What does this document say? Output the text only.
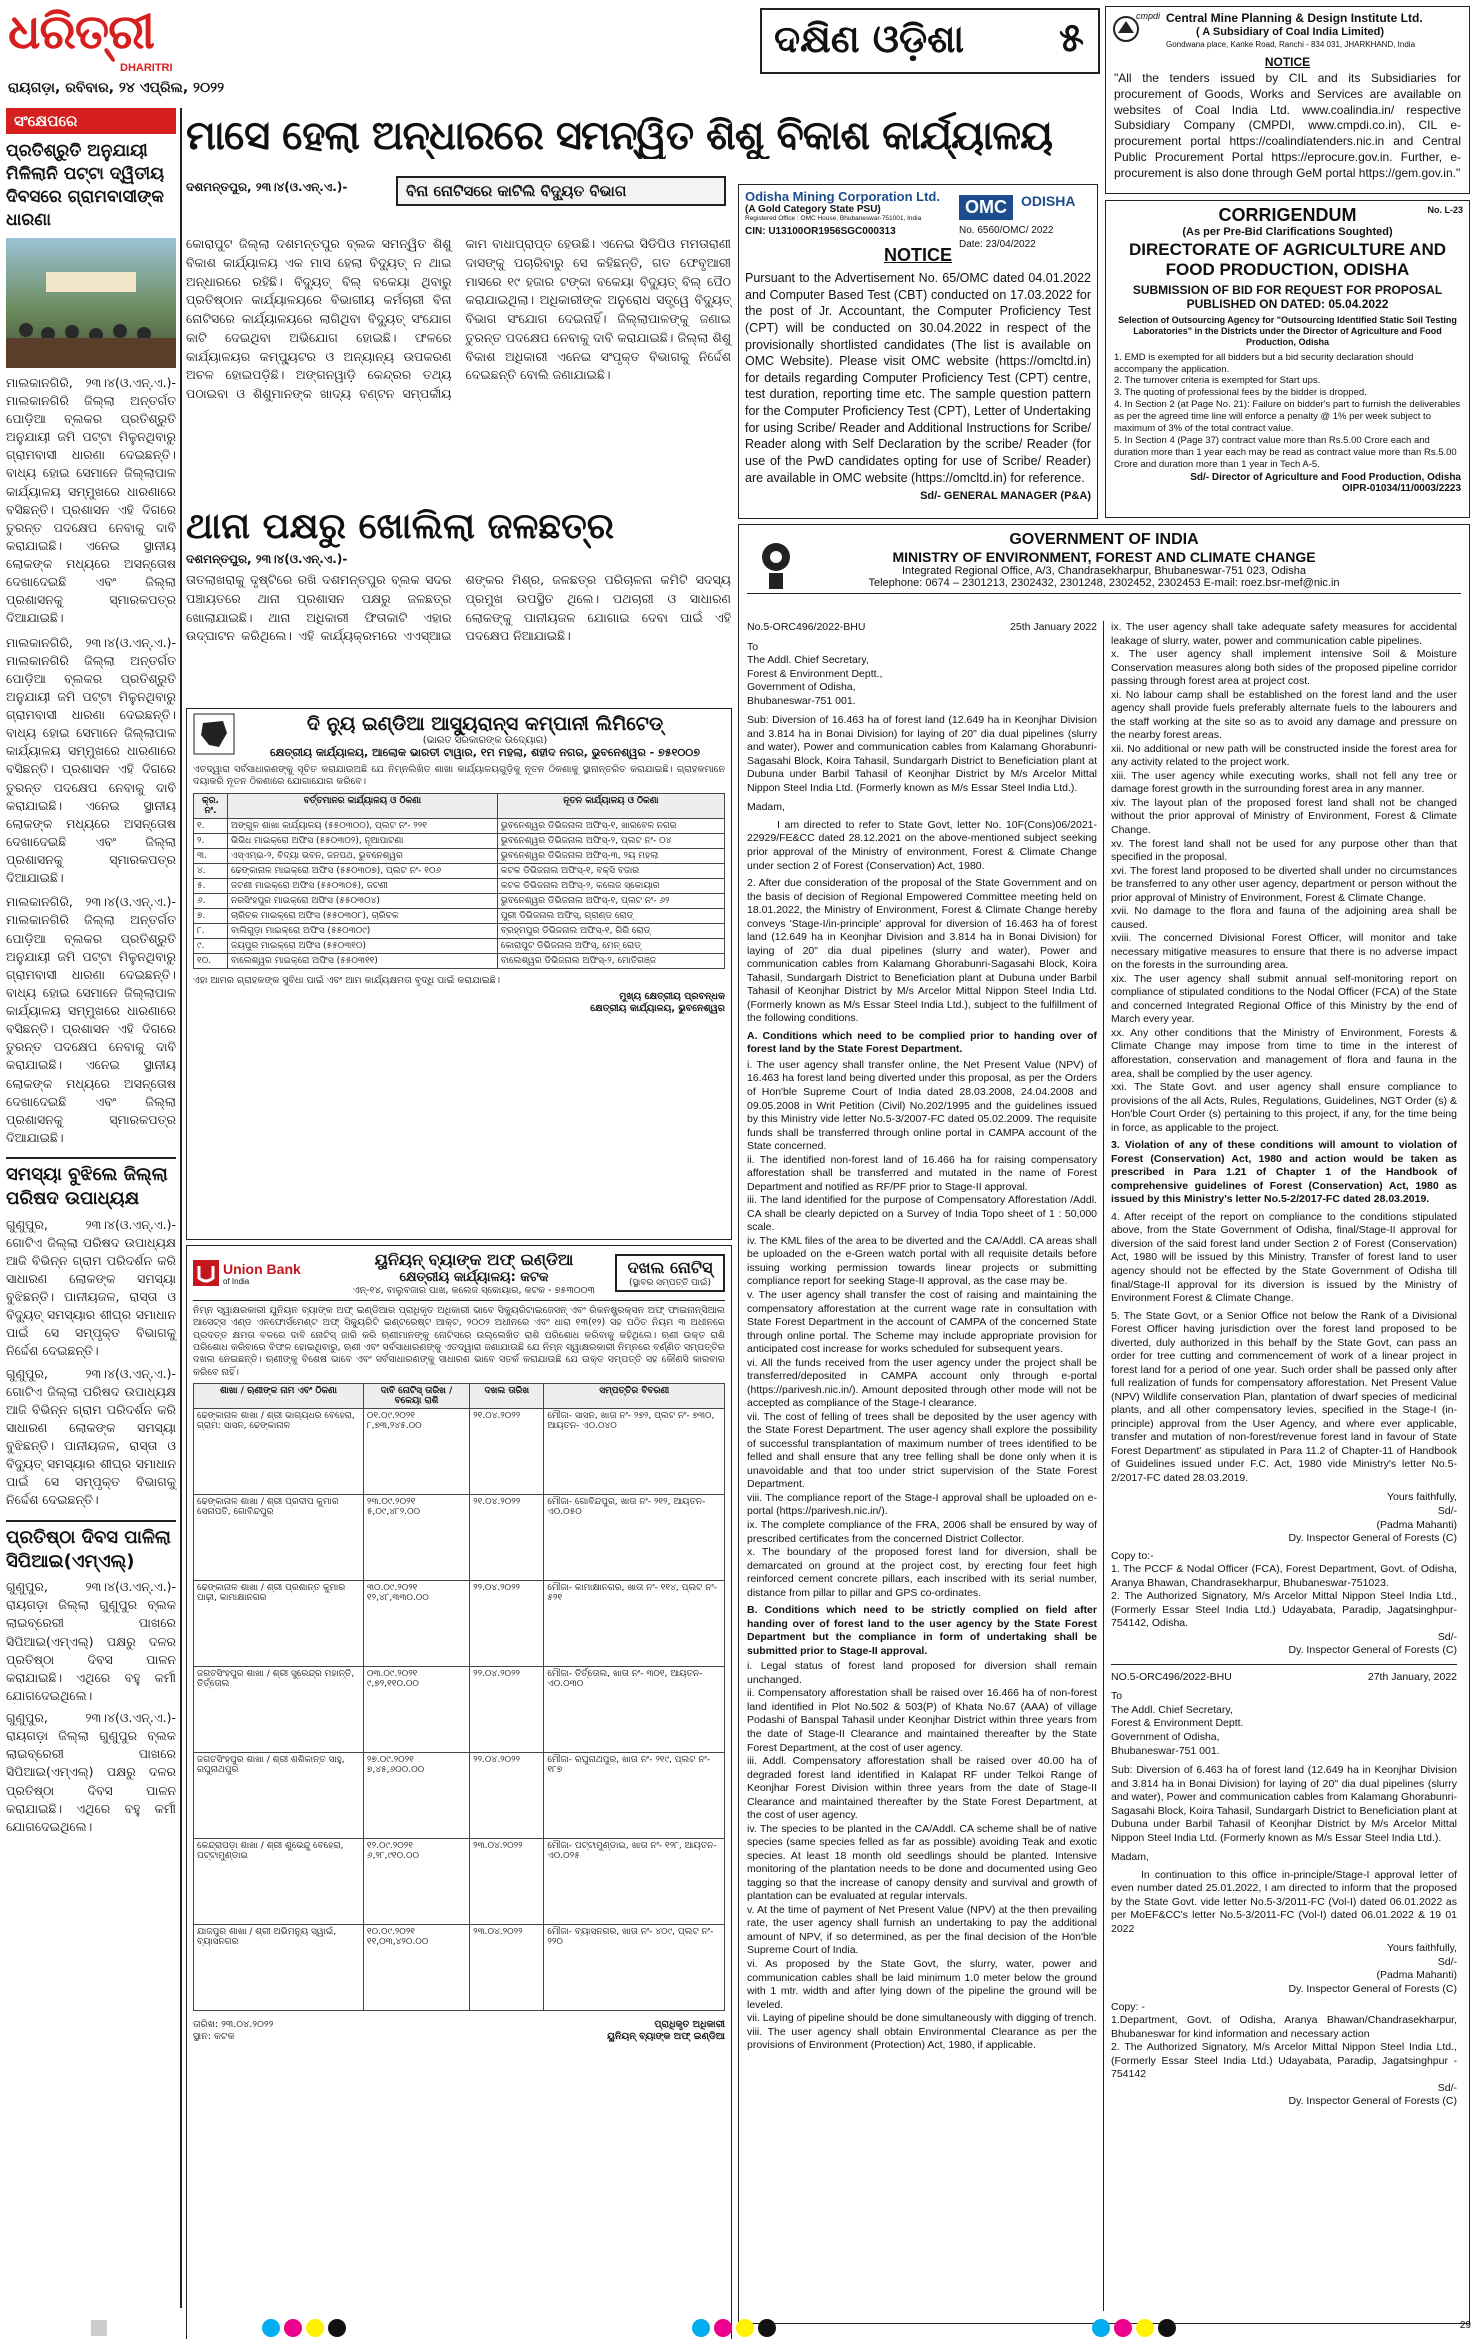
ଧରିତ୍ରୀ
DHARITRI
ରାୟଗଡ଼ା, ରବିବାର, ୨୪ ଏପ୍ରିଲ, ୨୦୨୨
ଦକ୍ଷିଣ ଓଡ଼ିଶା ୫	cmpdi Central Mine Planning & Design Institute Ltd.
( A Subsidiary of Coal India Limited)
Gondwana place, Kanke Road, Ranchi - 834 031, JHARKHAND, India
NOTICE
"All the tenders issued by CIL and its Subsidiaries for procurement of Goods, Works and Services are available on websites of Coal India Ltd. www.coalindia.in/ respective Subsidiary Company (CMPDI, www.cmpdi.co.in), CIL e-procurement portal https://coalindiatenders.nic.in and Central Public Procurement Portal https://eprocure.gov.in. Further, e-procurement is also done through GeM portal https://gem.gov.in."
ସଂକ୍ଷେପରେ
ପ୍ରତିଶ୍ରୁତି ଅନୁଯାୟୀ ମିଳିଲାନି ପଟ୍ଟା ଦ୍ୱିତୀୟ ଦିବସରେ ଗ୍ରାମବାସୀଙ୍କ ଧାରଣା
ମାଲକାନଗିରି, ୨୩।୪(ଓ.ଏନ୍.ଏ.)- ମାଲକାନଗିରି ଜିଲ୍ଲା ଅନ୍ତର୍ଗତ ପୋଡ଼ିଆ ବ୍ଲକର ପ୍ରତିଶ୍ରୁତି ଅନୁଯାୟୀ ଜମି ପଟ୍ଟା ମିଳୁନଥିବାରୁ ଗ୍ରାମବାସୀ ଧାରଣା ଦେଇଛନ୍ତି। ବାଧ୍ୟ ହୋଇ ସେମାନେ ଜିଲ୍ଲାପାଳ କାର୍ଯ୍ୟାଳୟ ସମ୍ମୁଖରେ ଧାରଣାରେ ବସିଛନ୍ତି। ପ୍ରଶାସନ ଏହି ଦିଗରେ ତୁରନ୍ତ ପଦକ୍ଷେପ ନେବାକୁ ଦାବି କରାଯାଇଛି। ଏନେଇ ସ୍ଥାନୀୟ ଲୋକଙ୍କ ମଧ୍ୟରେ ଅସନ୍ତୋଷ ଦେଖାଦେଇଛି ଏବଂ ଜିଲ୍ଲା ପ୍ରଶାସନକୁ ସ୍ମାରକପତ୍ର ଦିଆଯାଇଛି।
ମାଲକାନଗିରି, ୨୩।୪(ଓ.ଏନ୍.ଏ.)- ମାଲକାନଗିରି ଜିଲ୍ଲା ଅନ୍ତର୍ଗତ ପୋଡ଼ିଆ ବ୍ଲକର ପ୍ରତିଶ୍ରୁତି ଅନୁଯାୟୀ ଜମି ପଟ୍ଟା ମିଳୁନଥିବାରୁ ଗ୍ରାମବାସୀ ଧାରଣା ଦେଇଛନ୍ତି। ବାଧ୍ୟ ହୋଇ ସେମାନେ ଜିଲ୍ଲାପାଳ କାର୍ଯ୍ୟାଳୟ ସମ୍ମୁଖରେ ଧାରଣାରେ ବସିଛନ୍ତି। ପ୍ରଶାସନ ଏହି ଦିଗରେ ତୁରନ୍ତ ପଦକ୍ଷେପ ନେବାକୁ ଦାବି କରାଯାଇଛି। ଏନେଇ ସ୍ଥାନୀୟ ଲୋକଙ୍କ ମଧ୍ୟରେ ଅସନ୍ତୋଷ ଦେଖାଦେଇଛି ଏବଂ ଜିଲ୍ଲା ପ୍ରଶାସନକୁ ସ୍ମାରକପତ୍ର ଦିଆଯାଇଛି।
ମାଲକାନଗିରି, ୨୩।୪(ଓ.ଏନ୍.ଏ.)- ମାଲକାନଗିରି ଜିଲ୍ଲା ଅନ୍ତର୍ଗତ ପୋଡ଼ିଆ ବ୍ଲକର ପ୍ରତିଶ୍ରୁତି ଅନୁଯାୟୀ ଜମି ପଟ୍ଟା ମିଳୁନଥିବାରୁ ଗ୍ରାମବାସୀ ଧାରଣା ଦେଇଛନ୍ତି। ବାଧ୍ୟ ହୋଇ ସେମାନେ ଜିଲ୍ଲାପାଳ କାର୍ଯ୍ୟାଳୟ ସମ୍ମୁଖରେ ଧାରଣାରେ ବସିଛନ୍ତି। ପ୍ରଶାସନ ଏହି ଦିଗରେ ତୁରନ୍ତ ପଦକ୍ଷେପ ନେବାକୁ ଦାବି କରାଯାଇଛି। ଏନେଇ ସ୍ଥାନୀୟ ଲୋକଙ୍କ ମଧ୍ୟରେ ଅସନ୍ତୋଷ ଦେଖାଦେଇଛି ଏବଂ ଜିଲ୍ଲା ପ୍ରଶାସନକୁ ସ୍ମାରକପତ୍ର ଦିଆଯାଇଛି।
ସମସ୍ୟା ବୁଝିଲେ ଜିଲ୍ଲା ପରିଷଦ ଉପାଧ୍ୟକ୍ଷ
ଗୁଣୁପୁର, ୨୩।୪(ଓ.ଏନ୍.ଏ.)- ଗୋଟିଏ ଜିଲ୍ଲା ପରିଷଦ ଉପାଧ୍ୟକ୍ଷ ଆଜି ବିଭିନ୍ନ ଗ୍ରାମ ପରିଦର୍ଶନ କରି ସାଧାରଣ ଲୋକଙ୍କ ସମସ୍ୟା ବୁଝିଛନ୍ତି। ପାନୀୟଜଳ, ରାସ୍ତା ଓ ବିଦ୍ୟୁତ୍ ସମସ୍ୟାର ଶୀଘ୍ର ସମାଧାନ ପାଇଁ ସେ ସମ୍ପୃକ୍ତ ବିଭାଗକୁ ନିର୍ଦ୍ଦେଶ ଦେଇଛନ୍ତି।
ଗୁଣୁପୁର, ୨୩।୪(ଓ.ଏନ୍.ଏ.)- ଗୋଟିଏ ଜିଲ୍ଲା ପରିଷଦ ଉପାଧ୍ୟକ୍ଷ ଆଜି ବିଭିନ୍ନ ଗ୍ରାମ ପରିଦର୍ଶନ କରି ସାଧାରଣ ଲୋକଙ୍କ ସମସ୍ୟା ବୁଝିଛନ୍ତି। ପାନୀୟଜଳ, ରାସ୍ତା ଓ ବିଦ୍ୟୁତ୍ ସମସ୍ୟାର ଶୀଘ୍ର ସମାଧାନ ପାଇଁ ସେ ସମ୍ପୃକ୍ତ ବିଭାଗକୁ ନିର୍ଦ୍ଦେଶ ଦେଇଛନ୍ତି।
ପ୍ରତିଷ୍ଠା ଦିବସ ପାଳିଲା ସିପିଆଇ(ଏମ୍‌ଏଲ୍)
ଗୁଣୁପୁର, ୨୩।୪(ଓ.ଏନ୍.ଏ.)-ରାୟଗଡ଼ା ଜିଲ୍ଲା ଗୁଣୁପୁର ବ୍ଲକ ଲାଇବ୍ରେରୀ ପାଖରେ ସିପିଆଇ(ଏମ୍‌ଏଲ୍) ପକ୍ଷରୁ ଦଳର ପ୍ରତିଷ୍ଠା ଦିବସ ପାଳନ କରାଯାଇଛି। ଏଥିରେ ବହୁ କର୍ମୀ ଯୋଗଦେଇଥିଲେ।
ଗୁଣୁପୁର, ୨୩।୪(ଓ.ଏନ୍.ଏ.)-ରାୟଗଡ଼ା ଜିଲ୍ଲା ଗୁଣୁପୁର ବ୍ଲକ ଲାଇବ୍ରେରୀ ପାଖରେ ସିପିଆଇ(ଏମ୍‌ଏଲ୍) ପକ୍ଷରୁ ଦଳର ପ୍ରତିଷ୍ଠା ଦିବସ ପାଳନ କରାଯାଇଛି। ଏଥିରେ ବହୁ କର୍ମୀ ଯୋଗଦେଇଥିଲେ।
ମାସେ ହେଲା ଅନ୍ଧାରରେ ସମନ୍ୱିତ ଶିଶୁ ବିକାଶ କାର୍ଯ୍ୟାଳୟ
ଦଶମନ୍ତପୁର, ୨୩।୪(ଓ.ଏନ୍.ଏ.)-	ବିନା ନୋଟିସରେ କାଟିଲି ବିଦ୍ୟୁତ ବିଭାଗ
କୋରାପୁଟ ଜିଲ୍ଲା ଦଶମନ୍ତପୁର ବ୍ଲକ ସମନ୍ୱିତ ଶିଶୁ ବିକାଶ କାର୍ଯ୍ୟାଳୟ ଏକ ମାସ ହେଲା ବିଦ୍ୟୁତ୍ ନ ଥାଇ ଅନ୍ଧାରରେ ରହିଛି। ବିଦ୍ୟୁତ୍ ବିଲ୍ ବକେୟା ଥିବାରୁ ପ୍ରତିଷ୍ଠାନ କାର୍ଯ୍ୟାଳୟରେ ବିଭାଗୀୟ କର୍ମଚାରୀ ବିନା ନୋଟିସରେ କାର୍ଯ୍ୟାଳୟରେ ଲାଗିଥିବା ବିଦ୍ୟୁତ୍ ସଂଯୋଗ କାଟି ଦେଇଥିବା ଅଭିଯୋଗ ହୋଇଛି। ଫଳରେ କାର୍ଯ୍ୟାଳୟର କମ୍ପ୍ୟୁଟର ଓ ଅନ୍ୟାନ୍ୟ ଉପକରଣ ଅଚଳ ହୋଇପଡ଼ିଛି। ଅଙ୍ଗନୱାଡ଼ି କେନ୍ଦ୍ରର ତଥ୍ୟ ପଠାଇବା ଓ ଶିଶୁମାନଙ୍କ ଖାଦ୍ୟ ବଣ୍ଟନ ସମ୍ପର୍କୀୟ କାମ ବାଧାପ୍ରାପ୍ତ ହେଉଛି। ଏନେଇ ସିଡିପିଓ ମମତାରାଣୀ ଦାସଙ୍କୁ ପଚାରିବାରୁ ସେ କହିଛନ୍ତି, ଗତ ଫେବୃଆରୀ ମାସରେ ୧୯ ହଜାର ଟଙ୍କା ବକେୟା ବିଦ୍ୟୁତ୍ ବିଲ୍ ପୈଠ କରାଯାଇଥିଲା। ଅଧିକାରୀଙ୍କ ଅନୁରୋଧ ସତ୍ତ୍ୱେ ବିଦ୍ୟୁତ୍ ବିଭାଗ ସଂଯୋଗ ଦେଇନାହିଁ। ଜିଲ୍ଲାପାଳଙ୍କୁ ଜଣାଇ ତୁରନ୍ତ ପଦକ୍ଷେପ ନେବାକୁ ଦାବି କରାଯାଇଛି। ଜିଲ୍ଲା ଶିଶୁ ବିକାଶ ଅଧିକାରୀ ଏନେଇ ସଂପୃକ୍ତ ବିଭାଗକୁ ନିର୍ଦ୍ଦେଶ ଦେଇଛନ୍ତି ବୋଲି ଜଣାଯାଇଛି।
ଥାନା ପକ୍ଷରୁ ଖୋଲିଲା ଜଳଛତ୍ର
ଦଶମନ୍ତପୁର, ୨୩।୪(ଓ.ଏନ୍.ଏ.)-
ତାତଲାଖରାକୁ ଦୃଷ୍ଟିରେ ରଖି ଦଶମନ୍ତପୁର ବ୍ଲକ ସଦର ପଞ୍ଚାୟତରେ ଥାନା ପ୍ରଶାସନ ପକ୍ଷରୁ ଜଳଛତ୍ର ଖୋଲାଯାଇଛି। ଥାନା ଅଧିକାରୀ ଫିତାକାଟି ଏହାର ଉଦ୍‌ଘାଟନ କରିଥିଲେ। ଏହି କାର୍ଯ୍ୟକ୍ରମରେ ଏଏସ୍‌ଆଇ ଶଙ୍କର ମିଶ୍ର, ଜଳଛତ୍ର ପରିଚାଳନା କମିଟି ସଦସ୍ୟ ପ୍ରମୁଖ ଉପସ୍ଥିତ ଥିଲେ। ପଥଚାରୀ ଓ ସାଧାରଣ ଲୋକଙ୍କୁ ପାନୀୟଜଳ ଯୋଗାଇ ଦେବା ପାଇଁ ଏହି ପଦକ୍ଷେପ ନିଆଯାଇଛି।
Odisha Mining Corporation Ltd.
(A Gold Category State PSU)
Registered Office : OMC House, Bhubaneswar-751001, India
CIN: U13100OR1956SGC000313
OMC	ODISHA
No. 6560/OMC/ 2022
Date: 23/04/2022
NOTICE
Pursuant to the Advertisement No. 65/OMC dated 04.01.2022 and Computer Based Test (CBT) conducted on 17.03.2022 for the post of Jr. Accountant, the Computer Proficiency Test (CPT) will be conducted on 30.04.2022 in respect of the provisionally shortlisted candidates (The list is available on OMC Website). Please visit OMC website (https://omcltd.in) for details regarding Computer Proficiency Test (CPT) centre, test duration, reporting time etc. The sample question pattern for the Computer Proficiency Test (CPT), Letter of Undertaking for using Scribe/ Reader and Additional Instructions for Scribe/ Reader along with Self Declaration by the scribe/ Reader (for use of the PwD candidates opting for use of Scribe/ Reader) are available in OMC website (https://omcltd.in) for reference.
Sd/- GENERAL MANAGER (P&A)
CORRIGENDUM	No. L-23
(As per Pre-Bid Clarifications Soughted)
DIRECTORATE OF AGRICULTURE AND FOOD PRODUCTION, ODISHA
SUBMISSION OF BID FOR REQUEST FOR PROPOSAL PUBLISHED ON DATED: 05.04.2022
Selection of Outsourcing Agency for "Outsourcing Identified Static Soil Testing Laboratories" in the Districts under the Director of Agriculture and Food Production, Odisha
1. EMD is exempted for all bidders but a bid security declaration should accompany the application.
2. The turnover criteria is exempted for Start ups.
3. The quoting of professional fees by the bidder is dropped.
4. In Section 2 (at Page No. 21): Failure on bidder's part to furnish the deliverables as per the agreed time line will enforce a penalty @ 1% per week subject to maximum of 3% of the total contract value.
5. In Section 4 (Page 37) contract value more than Rs.5.00 Crore each and duration more than 1 year each may be read as contract value more than Rs.5.00 Crore and duration more than 1 year in Tech A-5.
Sd/- Director of Agriculture and Food Production, Odisha
OIPR-01034/11/0003/2223
ଦି ନ୍ୟୁ ଇଣ୍ଡିଆ ଆସ୍ୟୁରାନ୍ସ କମ୍ପାନୀ ଲିମିଟେଡ୍
(ଭାରତ ସରକାରଙ୍କ ଉଦ୍ୟୋଗ)
କ୍ଷେତ୍ରୀୟ କାର୍ଯ୍ୟାଳୟ, ଆଲୋକ ଭାରତୀ ଟାୱାର, ୧ମ ମହଲା, ଶହୀଦ ନଗର, ଭୁବନେଶ୍ୱର - ୭୫୧୦୦୭
ଏତଦ୍ୱାରା ସର୍ବସାଧାରଣଙ୍କୁ ସୂଚିତ କରାଯାଉଅଛି ଯେ ନିମ୍ନଲିଖିତ ଶାଖା କାର୍ଯ୍ୟାଳୟଗୁଡ଼ିକୁ ନୂତନ ଠିକଣାକୁ ସ୍ଥାନାନ୍ତରିତ କରାଯାଇଛି। ଗ୍ରାହକମାନେ ଦୟାକରି ନୂତନ ଠିକଣାରେ ଯୋଗାଯୋଗ କରିବେ।
କ୍ର. ନଂ.	ବର୍ତ୍ତମାନର କାର୍ଯ୍ୟାଳୟ ଓ ଠିକଣା	ନୂତନ କାର୍ଯ୍ୟାଳୟ ଓ ଠିକଣା
୧.	ଅଙ୍ଗୁଳ ଶାଖା କାର୍ଯ୍ୟାଳୟ (୫୫୦୩୦୦), ପ୍ଲଟ ନଂ- ୨୨୧	ଭୁବନେଶ୍ୱର ଡିଭିଜନାଲ ଅଫିସ୍-୧, ଖାରବେଳ ନଗର
୨.	ଭିଭିଧ ମାଇକ୍ରୋ ଅଫିସ (୫୫୦୩୦୨), ନୂଆପାଟଣା	ଭୁବନେଶ୍ୱର ଡିଭିଜନାଲ ଅଫିସ୍-୨, ପ୍ଲଟ ନଂ- ୦୪
୩.	ଏସ୍‌ଏମ୍‌ଇ-୨, ବିଦ୍ୟା ଭବନ, ଜନପଥ, ଭୁବନେଶ୍ୱର	ଭୁବନେଶ୍ୱର ଡିଭିଜନାଲ ଅଫିସ୍-୩, ୨ୟ ମହଲା
୪.	ଢେଙ୍କାନାଳ ମାଇକ୍ରୋ ଅଫିସ (୫୫୦୩୦୭), ପ୍ଲଟ ନଂ- ୧୦୬	କଟକ ଡିଭିଜନାଲ ଅଫିସ୍-୧, ବକ୍ସି ବଜାର
୫.	ଜଟଣୀ ମାଇକ୍ରୋ ଅଫିସ (୫୫୦୩୦୫), ଜଟଣୀ	କଟକ ଡିଭିଜନାଲ ଅଫିସ୍-୨, କଲେଜ ସ୍କୋୟାର
୬.	ନରସିଂହପୁର ମାଇକ୍ରୋ ଅଫିସ (୫୫୦୩୦୪)	ଭୁବନେଶ୍ୱର ଡିଭିଜନାଲ ଅଫିସ୍-୧, ପ୍ଲଟ ନଂ- ୬୨
୭.	ଚାରିଚକ ମାଇକ୍ରୋ ଅଫିସ (୫୫୦୩୦୮), ଚାରିଚକ	ପୁରୀ ଡିଭିଜନାଲ ଅଫିସ୍, ଗ୍ରାଣ୍ଡ ରୋଡ୍
୮.	ବାଲିଗୁଡ଼ା ମାଇକ୍ରୋ ଅଫିସ (୫୫୦୩୦୯)	ବ୍ରହ୍ମପୁର ଡିଭିଜନାଲ ଅଫିସ୍-୧, ଗିରି ରୋଡ୍
୯.	ଜୟପୁର ମାଇକ୍ରୋ ଅଫିସ (୫୫୦୩୧୦)	କୋରାପୁଟ ଡିଭିଜନାଲ ଅଫିସ୍, ମେନ୍ ରୋଡ୍
୧୦.	ବାଲେଶ୍ୱର ମାଇକ୍ରୋ ଅଫିସ (୫୫୦୩୧୧)	ବାଲେଶ୍ୱର ଡିଭିଜନାଲ ଅଫିସ୍-୨, ମୋତିଗଞ୍ଜ
ଏହା ଆମର ଗ୍ରାହକଙ୍କ ସୁବିଧା ପାଇଁ ଏବଂ ଆମ କାର୍ଯ୍ୟକ୍ଷମତା ବୃଦ୍ଧି ପାଇଁ କରାଯାଇଛି।
ମୁଖ୍ୟ କ୍ଷେତ୍ରୀୟ ପ୍ରବନ୍ଧକ
କ୍ଷେତ୍ରୀୟ କାର୍ଯ୍ୟାଳୟ, ଭୁବନେଶ୍ୱର
Union Bank
of India
ୟୁନିୟନ୍ ବ୍ୟାଙ୍କ ଅଫ୍ ଇଣ୍ଡିଆ
କ୍ଷେତ୍ରୀୟ କାର୍ଯ୍ୟାଳୟ: କଟକ
ଏନ୍‌-୧୪, ବାଲୁବଜାର ପାଖ, କଲେଜ ସ୍କୋୟାର, କଟକ - ୭୫୩୦୦୩
ଦଖଲ ନୋଟିସ୍
(ସ୍ଥାବର ସମ୍ପତ୍ତି ପାଇଁ)
ନିମ୍ନ ସ୍ୱାକ୍ଷରକାରୀ ଯୁନିୟନ ବ୍ୟାଙ୍କ ଅଫ୍ ଇଣ୍ଡିଆର ପ୍ରାଧିକୃତ ଅଧିକାରୀ ଭାବେ ସିକ୍ୟୁରିଟାଇଜେସନ୍ ଏବଂ ରିକନଷ୍ଟ୍ରକ୍ସନ ଅଫ୍ ଫାଇନାନ୍ସିଆଲ ଆସେଟ୍ସ ଏଣ୍ଡ ଏନଫୋର୍ସମେଣ୍ଟ ଅଫ୍ ସିକ୍ୟୁରିଟି ଇଣ୍ଟରେଷ୍ଟ ଆକ୍ଟ, ୨୦୦୨ ଅଧୀନରେ ଏବଂ ଧାରା ୧୩(୧୨) ସହ ପଠିତ ନିୟମ ୩ ଅଧୀନରେ ପ୍ରଦତ୍ତ କ୍ଷମତା ବଳରେ ଦାବି ନୋଟିସ୍ ଜାରି କରି ଋଣୀମାନଙ୍କୁ ନୋଟିସରେ ଉଲ୍ଲେଖିତ ରାଶି ପରିଶୋଧ କରିବାକୁ କହିଥିଲେ। ଋଣୀ ଉକ୍ତ ରାଶି ପରିଶୋଧ କରିବାରେ ବିଫଳ ହୋଇଥିବାରୁ, ଋଣୀ ଏବଂ ସର୍ବସାଧାରଣଙ୍କୁ ଏତଦ୍ୱାରା ଜଣାଯାଉଛି ଯେ ନିମ୍ନ ସ୍ୱାକ୍ଷରକାରୀ ନିମ୍ନରେ ବର୍ଣ୍ଣିତ ସମ୍ପତ୍ତିର ଦଖଲ ନେଇଛନ୍ତି। ଋଣୀଙ୍କୁ ବିଶେଷ ଭାବେ ଏବଂ ସର୍ବସାଧାରଣଙ୍କୁ ସାଧାରଣ ଭାବେ ସତର୍କ କରାଯାଉଛି ଯେ ଉକ୍ତ ସମ୍ପତ୍ତି ସହ କୌଣସି କାରବାର କରିବେ ନାହିଁ।
ଶାଖା / ଋଣୀଙ୍କ ନାମ ଏବଂ ଠିକଣା	ଦାବି ନୋଟିସ୍ ତାରିଖ / ବକେୟା ରାଶି	ଦଖଲ ତାରିଖ	ସମ୍ପତ୍ତିର ବିବରଣୀ
ଢେଙ୍କାନାଳ ଶାଖା / ଶ୍ରୀ ଭାଗ୍ୟଧର ବେହେରା, ଗ୍ରାମ: ସାସନ, ଢେଙ୍କାନାଳ	୦୧.୦୯.୨୦୨୧
୮,୭୩,୨୪୫.୦୦	୨୧.୦୪.୨୦୨୨	ମୌଜା- ସାସନ, ଖାତା ନଂ- ୨୭୨, ପ୍ଲଟ ନଂ- ୭୩୦, ଆୟତନ- ଏ୦.୦୪୦
ଢେଙ୍କାନାଳ ଶାଖା / ଶ୍ରୀ ପ୍ରଦୀପ କୁମାର ସେନାପତି, ଗୋବିନ୍ଦପୁର	୨୩.୦୯.୨୦୨୧
୫,୦୯,୪୮୨.୦୦	୨୧.୦୪.୨୦୨୨	ମୌଜା- ଗୋବିନ୍ଦପୁର, ଖାତା ନଂ- ୨୧୨, ଆୟତନ- ଏ୦.୦୫୦
ଢେଙ୍କାନାଳ ଶାଖା / ଶ୍ରୀ ପ୍ରଶାନ୍ତ କୁମାର ପାଢ଼ୀ, କାମାକ୍ଷାନଗର	୩୦.୦୯.୨୦୨୧
୧୨,୪୮,୩୩୦.୦୦	୨୨.୦୪.୨୦୨୨	ମୌଜା- କାମାକ୍ଷାନଗର, ଖାତା ନଂ- ୧୧୪, ପ୍ଲଟ ନଂ- ୫୨୧
ଜଗତସିଂହପୁର ଶାଖା / ଶ୍ରୀ ସୁରେନ୍ଦ୍ର ମହାନ୍ତି, ତିର୍ତ୍ତୋଲ	୦୩.୦୯.୨୦୨୧
୯,୭୨,୧୧୦.୦୦	୨୨.୦୪.୨୦୨୨	ମୌଜା- ତିର୍ତ୍ତୋଲ, ଖାତା ନଂ- ୩୦୧, ଆୟତନ- ଏ୦.୦୩୦
ଜଗତସିଂହପୁର ଶାଖା / ଶ୍ରୀ ଶଶିକାନ୍ତ ସାହୁ, ରଘୁନାଥପୁର	୨୭.୦୯.୨୦୨୧
୭,୪୫,୬୦୦.୦୦	୨୨.୦୪.୨୦୨୨	ମୌଜା- ରଘୁନାଥପୁର, ଖାତା ନଂ- ୨୧୯, ପ୍ଲଟ ନଂ- ୧୮୭
କେନ୍ଦ୍ରାପଡ଼ା ଶାଖା / ଶ୍ରୀ ଶୁଭେନ୍ଦୁ ବେହେରା, ପଟ୍ଟାମୁଣ୍ଡାଇ	୧୨.୦୯.୨୦୨୧
୬,୨୮,୯୧୦.୦୦	୨୩.୦୪.୨୦୨୨	ମୌଜା- ପଟ୍ଟାମୁଣ୍ଡାଇ, ଖାତା ନଂ- ୧୨୮, ଆୟତନ- ଏ୦.୦୨୫
ଯାଜପୁର ଶାଖା / ଶ୍ରୀ ଅଭିମନ୍ୟୁ ସ୍ୱାଇଁ, ବ୍ୟାସନଗର	୧୦.୦୯.୨୦୨୧
୧୧,୦୩,୪୨୦.୦୦	୨୩.୦୪.୨୦୨୨	ମୌଜା- ବ୍ୟାସନଗର, ଖାତା ନଂ- ୪୦୯, ପ୍ଲଟ ନଂ- ୨୨୦
ତାରିଖ: ୨୩.୦୪.୨୦୨୨
ସ୍ଥାନ: କଟକ
ପ୍ରାଧିକୃତ ଅଧିକାରୀ
ୟୁନିୟନ୍ ବ୍ୟାଙ୍କ ଅଫ୍ ଇଣ୍ଡିଆ
GOVERNMENT OF INDIA
MINISTRY OF ENVIRONMENT, FOREST AND CLIMATE CHANGE
Integrated Regional Office, A/3, Chandrasekharpur, Bhubaneswar-751 023, Odisha
Telephone: 0674 – 2301213, 2302432, 2301248, 2302452, 2302453 E-mail: roez.bsr-mef@nic.in
No.5-ORC496/2022-BHU	25th January 2022
To
The Addl. Chief Secretary,
Forest & Environment Deptt.,
Government of Odisha,
Bhubaneswar-751 001.
Sub: Diversion of 16.463 ha of forest land (12.649 ha in Keonjhar Division and 3.814 ha in Bonai Division) for laying of 20" dia dual pipelines (slurry and water), Power and communication cables from Kalamang Ghorabunri-Sagasahi Block, Koira Tahasil, Sundargarh District to Beneficiation plant at Dubuna under Barbil Tahasil of Keonjhar District by M/s Arcelor Mittal Nippon Steel India Ltd. (Formerly known as M/s Essar Steel India Ltd.).
Madam,
I am directed to refer to State Govt, letter No. 10F(Cons)06/2021-22929/FE&CC dated 28.12.2021 on the above-mentioned subject seeking prior approval of the Ministry of environment, Forest & Climate Change under section 2 of Forest (Conservation) Act, 1980.
2. After due consideration of the proposal of the State Government and on the basis of decision of Regional Empowered Committee meeting held on 18.01.2022, the Ministry of Environment, Forest & Climate Change hereby conveys 'Stage-I/in-principle' approval for diversion of 16.463 ha of forest land (12.649 ha in Keonjhar Division and 3.814 ha in Bonai Division) for laying of 20" dia dual pipelines (slurry and water), Power and communication cables from Kalamang Ghorabunri-Sagasahi Block, Koira Tahasil, Sundargarh District to Beneficiation plant at Dubuna under Barbil Tahasil of Keonjhar District by M/s Arcelor Mittal Nippon Steel India Ltd. (Formerly known as M/s Essar Steel India Ltd.), subject to the fulfillment of the following conditions.
A. Conditions which need to be complied prior to handing over of forest land by the State Forest Department.
i. The user agency shall transfer online, the Net Present Value (NPV) of 16.463 ha forest land being diverted under this proposal, as per the Orders of Hon'ble Supreme Court of India dated 28.03.2008, 24.04.2008 and 09.05.2008 in Writ Petition (Civil) No.202/1995 and the guidelines issued by this Ministry vide letter No.5-3/2007-FC dated 05.02.2009. The requisite funds shall be transferred through online portal in CAMPA account of the State concerned.
ii. The identified non-forest land of 16.466 ha for raising compensatory afforestation shall be transferred and mutated in the name of Forest Department and notified as RF/PF prior to Stage-II approval.
iii. The land identified for the purpose of Compensatory Afforestation /Addl. CA shall be clearly depicted on a Survey of India Topo sheet of 1 : 50,000 scale.
iv. The KML files of the area to be diverted and the CA/Addl. CA areas shall be uploaded on the e-Green watch portal with all requisite details before issuing working permission towards linear projects or submitting compliance report for seeking Stage-II approval, as the case may be.
v. The user agency shall transfer the cost of raising and maintaining the compensatory afforestation at the current wage rate in consultation with State Forest Department in the account of CAMPA of the concerned State through online portal. The Scheme may include appropriate provision for anticipated cost increase for works scheduled for subsequent years.
vi. All the funds received from the user agency under the project shall be transferred/deposited in CAMPA account only through e-portal (https://parivesh.nic.in/). Amount deposited through other mode will not be accepted as compliance of the Stage-I clearance.
vii. The cost of felling of trees shall be deposited by the user agency with the State Forest Department. The user agency shall explore the possibility of successful transplantation of maximum number of trees identified to be felled and shall ensure that any tree felling shall be done only when it is unavoidable and that too under strict supervision of the State Forest Department.
viii. The compliance report of the Stage-I approval shall be uploaded on e-portal (https://parivesh.nic.in/).
ix. The complete compliance of the FRA, 2006 shall be ensured by way of prescribed certificates from the concerned District Collector.
x. The boundary of the proposed forest land for diversion, shall be demarcated on ground at the project cost, by erecting four feet high reinforced cement concrete pillars, each inscribed with its serial number, distance from pillar to pillar and GPS co-ordinates.
B. Conditions which need to be strictly complied on field after handing over of forest land to the user agency by the State Forest Department but the compliance in form of undertaking shall be submitted prior to Stage-II approval.
i. Legal status of forest land proposed for diversion shall remain unchanged.
ii. Compensatory afforestation shall be raised over 16.466 ha of non-forest land identified in Plot No.502 & 503(P) of Khata No.67 (AAA) of village Podashi of Banspal Tahasil under Keonjhar District within three years from the date of Stage-II Clearance and maintained thereafter by the State Forest Department, at the cost of user agency.
iii. Addl. Compensatory afforestation shall be raised over 40.00 ha of degraded forest land identified in Kalapat RF under Telkoi Range of Keonjhar Forest Division within three years from the date of Stage-II Clearance and maintained thereafter by the State Forest Department, at the cost of user agency.
iv. The species to be planted in the CA/Addl. CA scheme shall be of native species (same species felled as far as possible) avoiding Teak and exotic species. At least 18 month old seedlings should be planted. Intensive monitoring of the plantation needs to be done and documented using Geo tagging so that the increase of canopy density and survival and growth of plantation can be evaluated at regular intervals.
v. At the time of payment of Net Present Value (NPV) at the then prevailing rate, the user agency shall furnish an undertaking to pay the additional amount of NPV, if so determined, as per the final decision of the Hon'ble Supreme Court of India.
vi. As proposed by the State Govt, the slurry, water, power and communication cables shall be laid minimum 1.0 meter below the ground with 1 mtr. width and after lying down of the pipeline the ground will be leveled.
vii. Laying of pipeline should be done simultaneously with digging of trench.
viii. The user agency shall obtain Environmental Clearance as per the provisions of Environment (Protection) Act, 1980, if applicable.
ix. The user agency shall take adequate safety measures for accidental leakage of slurry, water, power and communication cable pipelines.
x. The user agency shall implement intensive Soil & Moisture Conservation measures along both sides of the proposed pipeline corridor passing through forest area at project cost.
xi. No labour camp shall be established on the forest land and the user agency shall provide fuels preferably alternate fuels to the labourers and the staff working at the site so as to avoid any damage and pressure on the nearby forest areas.
xii. No additional or new path will be constructed inside the forest area for any activity related to the project work.
xiii. The user agency while executing works, shall not fell any tree or damage forest growth in the surrounding forest area in any manner.
xiv. The layout plan of the proposed forest land shall not be changed without the prior approval of Ministry of Environment, Forest & Climate Change.
xv. The forest land shall not be used for any purpose other than that specified in the proposal.
xvi. The forest land proposed to be diverted shall under no circumstances be transferred to any other user agency, department or person without the prior approval of Ministry of Environment, Forest & Climate Change.
xvii. No damage to the flora and fauna of the adjoining area shall be caused.
xviii. The concerned Divisional Forest Officer, will monitor and take necessary mitigative measures to ensure that there is no adverse impact on the forests in the surrounding area.
xix. The user agency shall submit annual self-monitoring report on compliance of stipulated conditions to the Nodal Officer (FCA) of the State and concerned Integrated Regional Office of this Ministry by the end of March every year.
xx. Any other conditions that the Ministry of Environment, Forests & Climate Change may impose from time to time in the interest of afforestation, conservation and management of flora and fauna in the area, shall be complied by the user agency.
xxi. The State Govt. and user agency shall ensure compliance to provisions of the all Acts, Rules, Regulations, Guidelines, NGT Order (s) & Hon'ble Court Order (s) pertaining to this project, if any, for the time being in force, as applicable to the project.
3. Violation of any of these conditions will amount to violation of Forest (Conservation) Act, 1980 and action would be taken as prescribed in Para 1.21 of Chapter 1 of the Handbook of comprehensive guidelines of Forest (Conservation) Act, 1980 as issued by this Ministry's letter No.5-2/2017-FC dated 28.03.2019.
4. After receipt of the report on compliance to the conditions stipulated above, from the State Government of Odisha, final/Stage-II approval for diversion of the said forest land under Section 2 of Forest (Conservation) Act, 1980 will be issued by this Ministry. Transfer of forest land to user agency should not be effected by the State Government of Odisha till final/Stage-II approval for its diversion is issued by the Ministry of Environment Forest & Climate Change.
5. The State Govt, or a Senior Office not below the Rank of a Divisional Forest Officer having jurisdiction over the forest land proposed to be diverted, duly authorized in this behalf by the State Govt, can pass an order for tree cutting and commencement of work of a linear project in forest land for a period of one year. Such order shall be passed only after full realization of funds for compensatory afforestation. Net Present Value (NPV) Wildlife conservation Plan, plantation of dwarf species of medicinal plants, and all other compensatory levies, specified in the Stage-I (in-principle) approval from the User Agency, and where ever applicable, transfer and mutation of non-forest/revenue forest land in favour of State Forest Department' as stipulated in Para 11.2 of Chapter-11 of Handbook of Guidelines issued under F.C. Act, 1980 vide Ministry's letter No.5-2/2017-FC dated 28.03.2019.
Yours faithfully,
Sd/-
(Padma Mahanti)
Dy. Inspector General of Forests (C)
Copy to:-
1. The PCCF & Nodal Officer (FCA), Forest Department, Govt. of Odisha, Aranya Bhawan, Chandrasekharpur, Bhubaneswar-751023.
2. The Authorized Signatory, M/s Arcelor Mittal Nippon Steel India Ltd., (Formerly Essar Steel India Ltd.) Udayabata, Paradip, Jagatsinghpur-754142, Odisha.
Sd/-
Dy. Inspector General of Forests (C)
NO.5-ORC496/2022-BHU	27th January, 2022
To
The Addl. Chief Secretary,
Forest & Environment Deptt.
Government of Odisha,
Bhubaneswar-751 001.
Sub: Diversion of 6.463 ha of forest land (12.649 ha in Keonjhar Division and 3.814 ha in Bonai Division) for laying of 20" dia dual pipelines (slurry and water), Power and communication cables from Kalamang Ghorabunri-Sagasahi Block, Koira Tahasil, Sundargarh District to Beneficiation plant at Dubuna under Barbil Tahasil of Keonjhar District by M/s Arcelor Mittal Nippon Steel India Ltd. (Formerly known as M/s Essar Steel India Ltd.).
Madam,
In continuation to this office in-principle/Stage-I approval letter of even number dated 25.01.2022, I am directed to inform that the proposed by the State Govt. vide letter No.5-3/2011-FC (Vol-I) dated 06.01.2022 as per MoEF&CC's letter No.5-3/2011-FC (Vol-I) dated 06.01.2022 & 19 01 2022
Yours faithfully,
Sd/-
(Padma Mahanti)
Dy. Inspector General of Forests (C)
Copy: -
1.Department, Govt. of Odisha, Aranya Bhawan/Chandrasekharpur, Bhubaneswar for kind information and necessary action
2. The Authorized Signatory, M/s Arcelor Mittal Nippon Steel India Ltd., (Formerly Essar Steel India Ltd.) Udayabata, Paradip, Jagatsinghpur - 754142
Sd/-
Dy. Inspector General of Forests (C)
29
